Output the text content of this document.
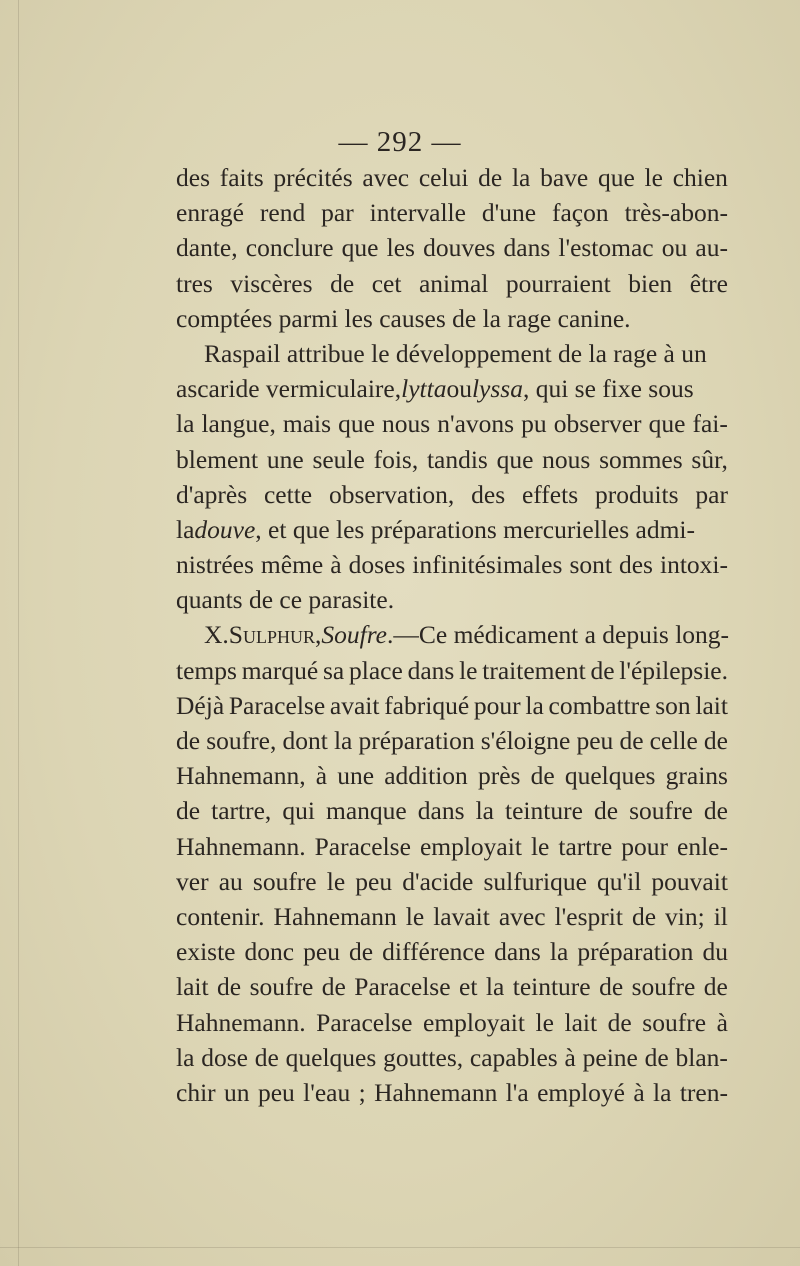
— 292 —
des faits précités avec celui de la bave que le chien
enragé rend par intervalle d'une façon très-abon-
dante, conclure que les douves dans l'estomac ou au-
tres viscères de cet animal pourraient bien être
comptées parmi les causes de la rage canine.
Raspail attribue le développement de la rage à un
ascaride vermiculaire,lyttaoulyssa, qui se fixe sous
la langue, mais que nous n'avons pu observer que fai-
blement une seule fois, tandis que nous sommes sûr,
d'après cette observation, des effets produits par
ladouve, et que les préparations mercurielles admi-
nistrées même à doses infinitésimales sont des intoxi-
quants de ce parasite.
X.Sulphur,Soufre.—Ce médicament a depuis long-
temps marqué sa place dans le traitement de l'épilepsie.
Déjà Paracelse avait fabriqué pour la combattre son lait
de soufre, dont la préparation s'éloigne peu de celle de
Hahnemann, à une addition près de quelques grains
de tartre, qui manque dans la teinture de soufre de
Hahnemann. Paracelse employait le tartre pour enle-
ver au soufre le peu d'acide sulfurique qu'il pouvait
contenir. Hahnemann le lavait avec l'esprit de vin; il
existe donc peu de différence dans la préparation du
lait de soufre de Paracelse et la teinture de soufre de
Hahnemann. Paracelse employait le lait de soufre à
la dose de quelques gouttes, capables à peine de blan-
chir un peu l'eau ; Hahnemann l'a employé à la tren-
